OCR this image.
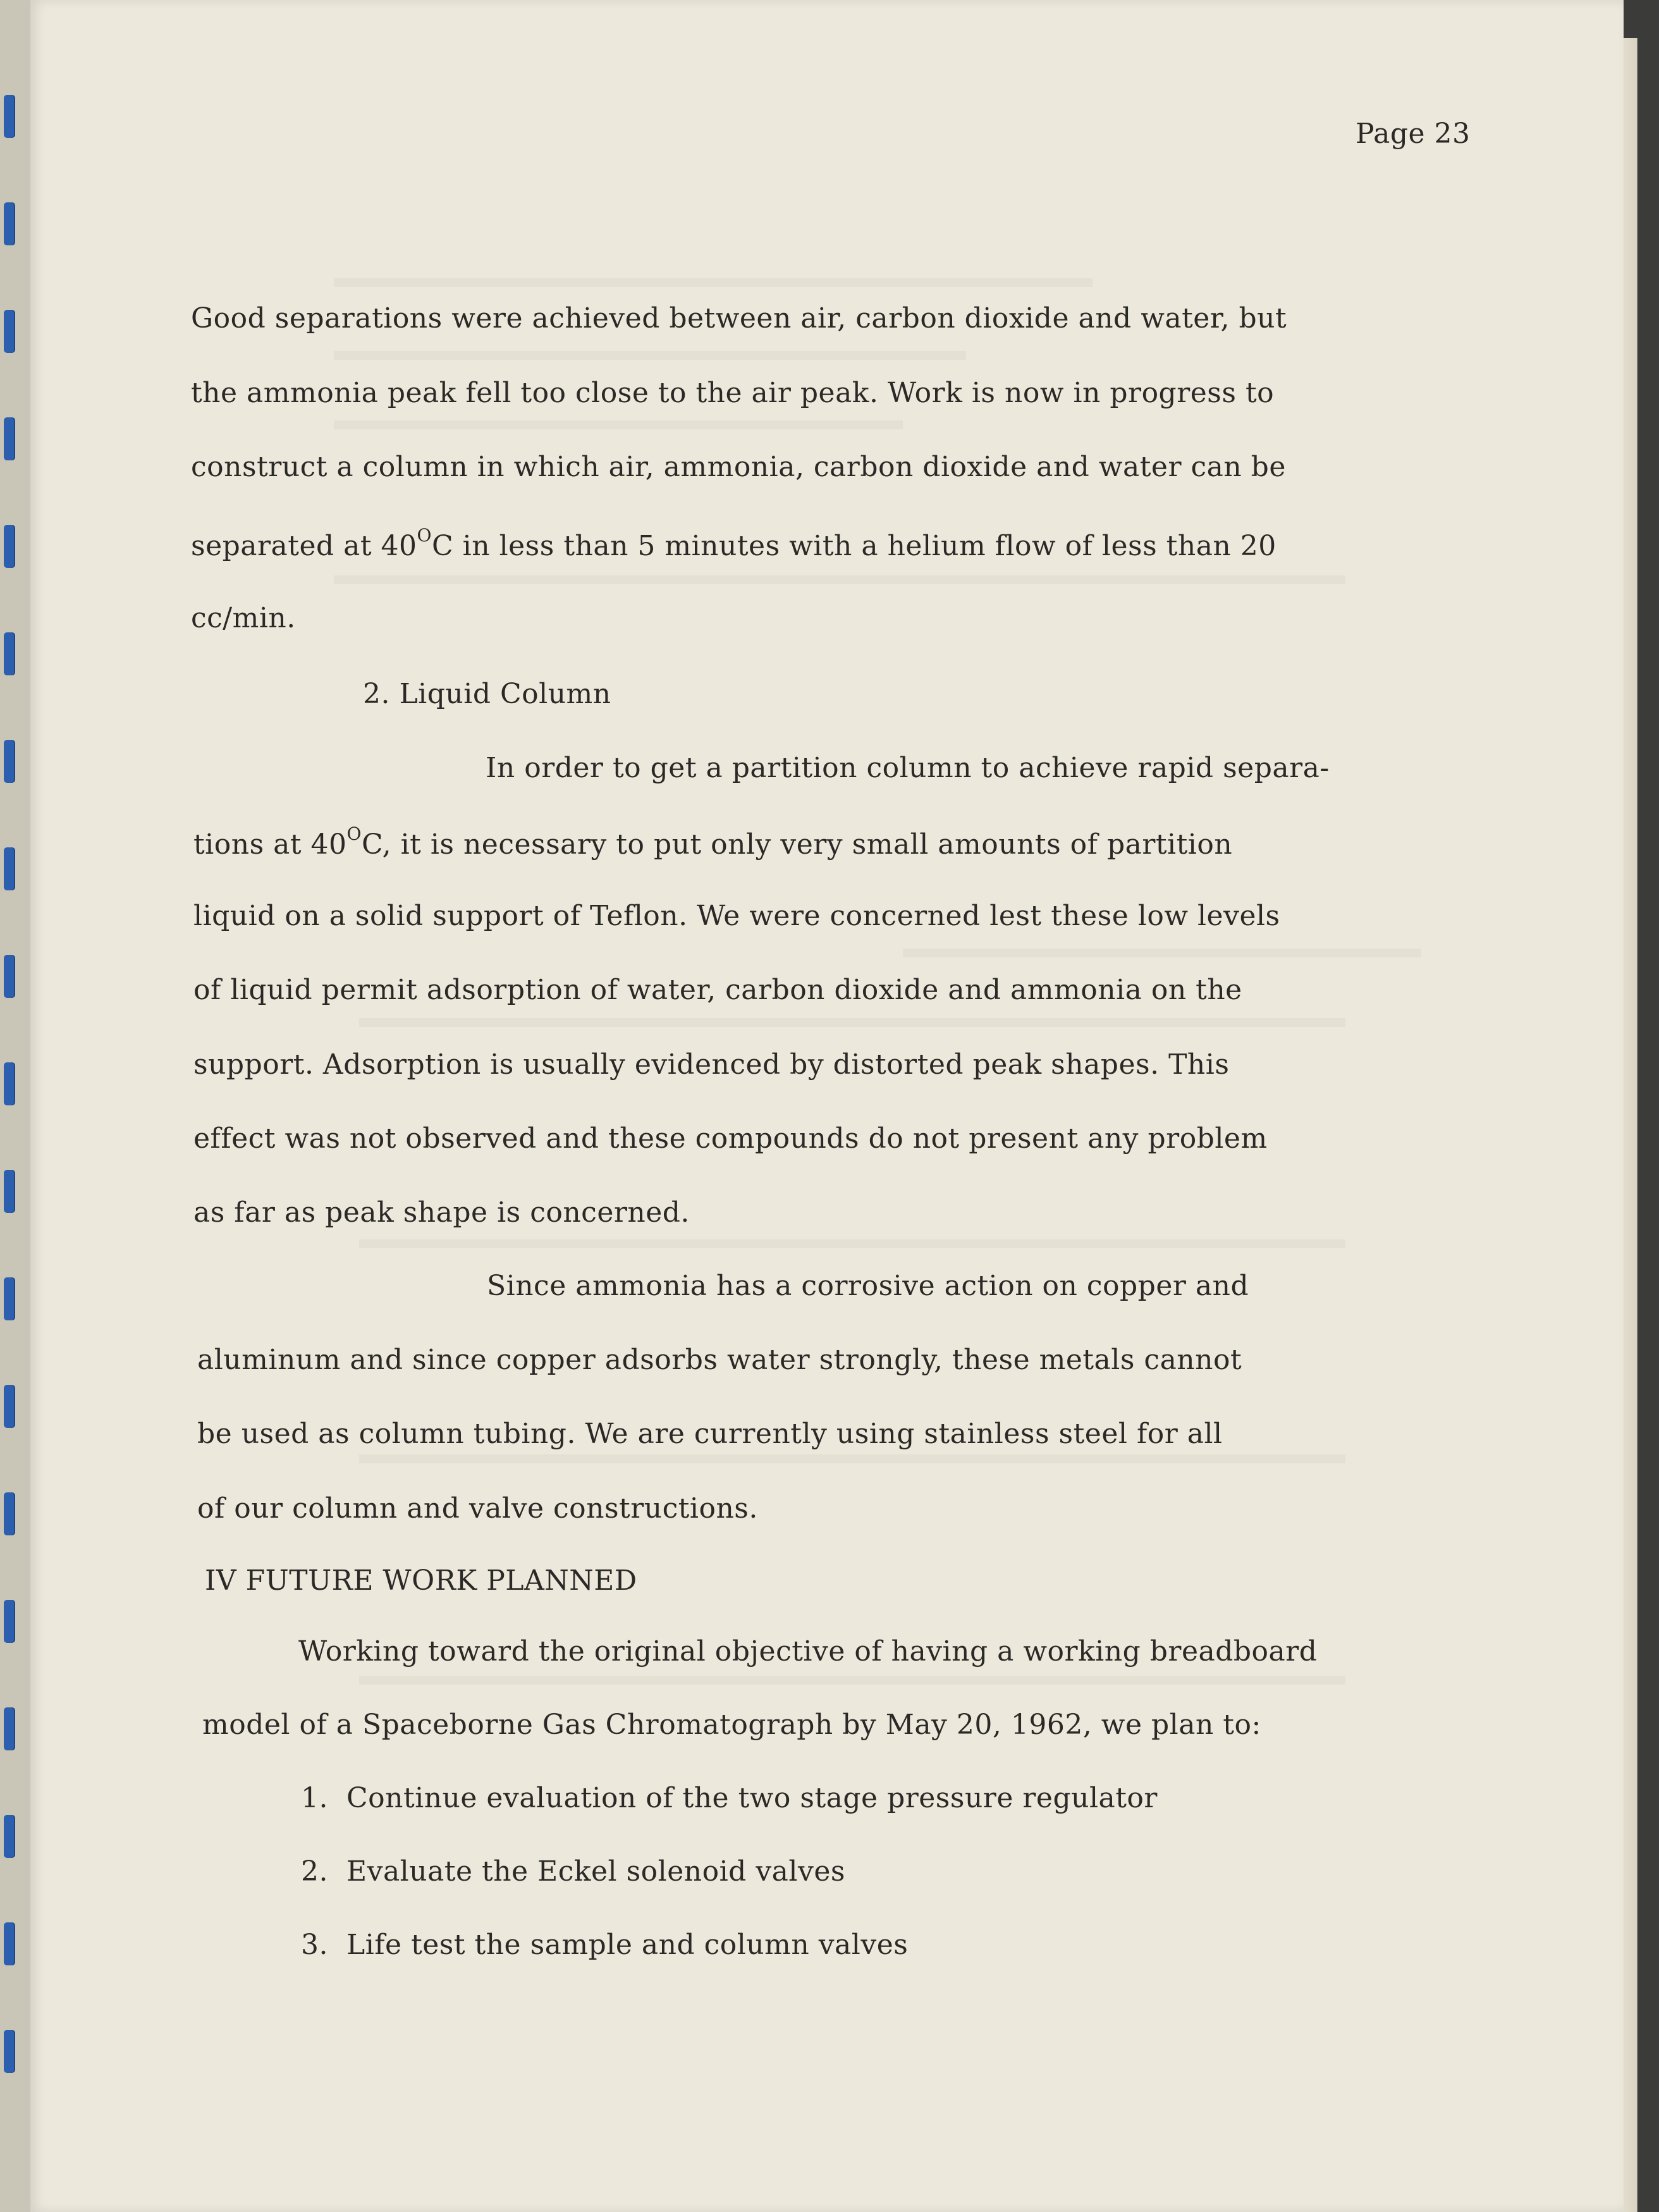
Page 23
Good separations were achieved between air, carbon dioxide and water, but
the ammonia peak fell too close to the air peak. Work is now in progress to
construct a column in which air, ammonia, carbon dioxide and water can be
separated at $40^OC$ in less than 5 minutes with a helium flow of less than 20
cc/min.
2. Liquid Column
In order to get a partition column to achieve rapid separa-
tions at $40^OC$, it is necessary to put only very small amounts of partition
liquid on a solid support of Teflon. We were concerned lest these low levels
of liquid permit adsorption of water, carbon dioxide and ammonia on the
support. Adsorption is usually evidenced by distorted peak shapes. This
effect was not observed and these compounds do not present any problem
as far as peak shape is concerned.
Since ammonia has a corrosive action on copper and
aluminum and since copper adsorbs water strongly, these metals cannot
be used as column tubing. We are currently using stainless steel for all
of our column and valve constructions.
IV FUTURE WORK PLANNED
Working toward the original objective of having a working breadboard
model of a Spaceborne Gas Chromatograph by May 20, 1962, we plan to:
1. Continue evaluation of the two stage pressure regulator
2. Evaluate the Eckel solenoid valves
3. Life test the sample and column valves
